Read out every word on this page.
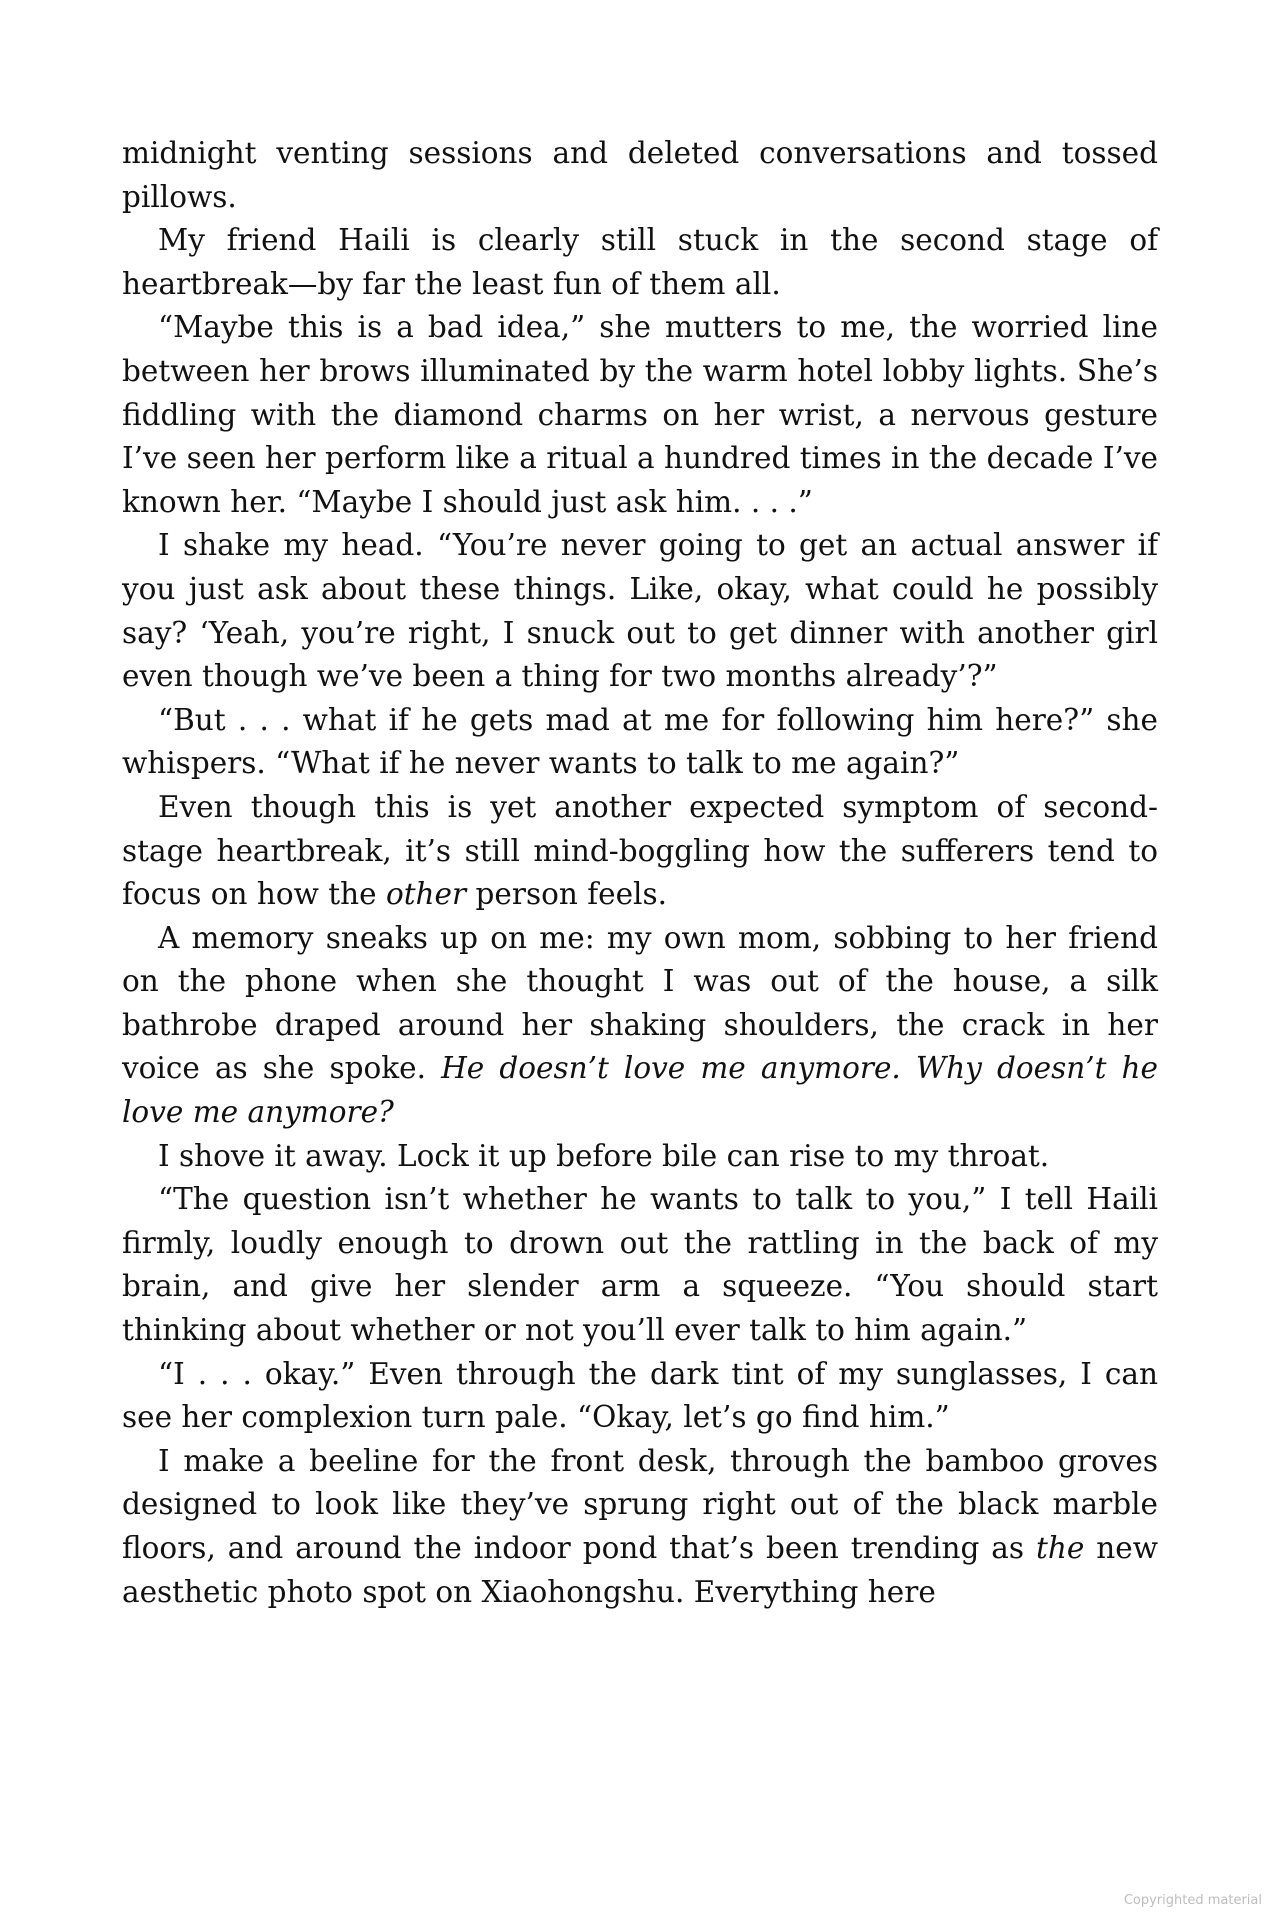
midnight venting sessions and deleted conversations and tossed pillows.

My friend Haili is clearly still stuck in the second stage of heartbreak—by far the least fun of them all.

“Maybe this is a bad idea,” she mutters to me, the worried line between her brows illuminated by the warm hotel lobby lights. She’s fiddling with the diamond charms on her wrist, a nervous gesture I’ve seen her perform like a ritual a hundred times in the decade I’ve known her. “Maybe I should just ask him. . . .”

I shake my head. “You’re never going to get an actual answer if you just ask about these things. Like, okay, what could he possibly say? ‘Yeah, you’re right, I snuck out to get dinner with another girl even though we’ve been a thing for two months already’?”

“But . . . what if he gets mad at me for following him here?” she whispers. “What if he never wants to talk to me again?”

Even though this is yet another expected symptom of second-stage heartbreak, it’s still mind-boggling how the sufferers tend to focus on how the other person feels.

A memory sneaks up on me: my own mom, sobbing to her friend on the phone when she thought I was out of the house, a silk bathrobe draped around her shaking shoulders, the crack in her voice as she spoke. He doesn’t love me anymore. Why doesn’t he love me anymore?

I shove it away. Lock it up before bile can rise to my throat.

“The question isn’t whether he wants to talk to you,” I tell Haili firmly, loudly enough to drown out the rattling in the back of my brain, and give her slender arm a squeeze. “You should start thinking about whether or not you’ll ever talk to him again.”

“I . . . okay.” Even through the dark tint of my sunglasses, I can see her complexion turn pale. “Okay, let’s go find him.”

I make a beeline for the front desk, through the bamboo groves designed to look like they’ve sprung right out of the black marble floors, and around the indoor pond that’s been trending as the new aesthetic photo spot on Xiaohongshu. Everything here

Copyrighted material
